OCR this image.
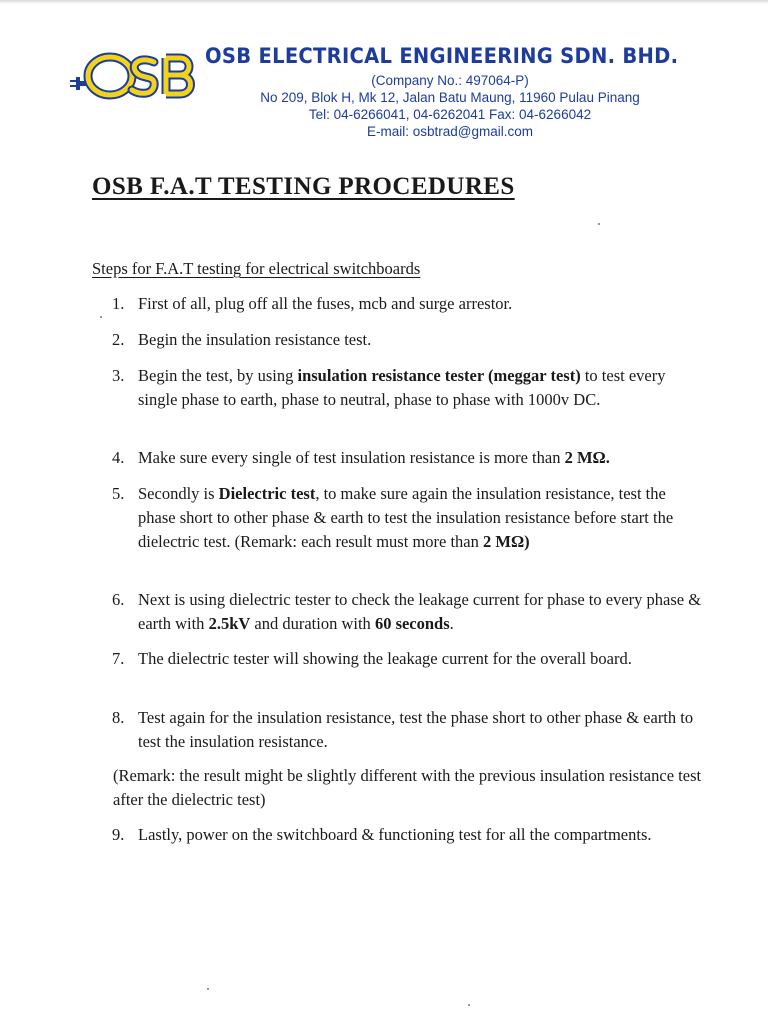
OSB ELECTRICAL ENGINEERING SDN. BHD.
(Company No.: 497064-P)
No 209, Blok H, Mk 12, Jalan Batu Maung, 11960 Pulau Pinang
Tel: 04-6266041, 04-6262041 Fax: 04-6266042
E-mail: osbtrad@gmail.com
OSB F.A.T TESTING PROCEDURES
Steps for F.A.T testing for electrical switchboards
1. First of all, plug off all the fuses, mcb and surge arrestor.
2. Begin the insulation resistance test.
3. Begin the test, by using insulation resistance tester (meggar test) to test every single phase to earth, phase to neutral, phase to phase with 1000v DC.
4. Make sure every single of test insulation resistance is more than 2 MΩ.
5. Secondly is Dielectric test, to make sure again the insulation resistance, test the phase short to other phase & earth to test the insulation resistance before start the dielectric test. (Remark: each result must more than 2 MΩ)
6. Next is using dielectric tester to check the leakage current for phase to every phase & earth with 2.5kV and duration with 60 seconds.
7. The dielectric tester will showing the leakage current for the overall board.
8. Test again for the insulation resistance, test the phase short to other phase & earth to test the insulation resistance.
(Remark: the result might be slightly different with the previous insulation resistance test after the dielectric test)
9. Lastly, power on the switchboard & functioning test for all the compartments.
